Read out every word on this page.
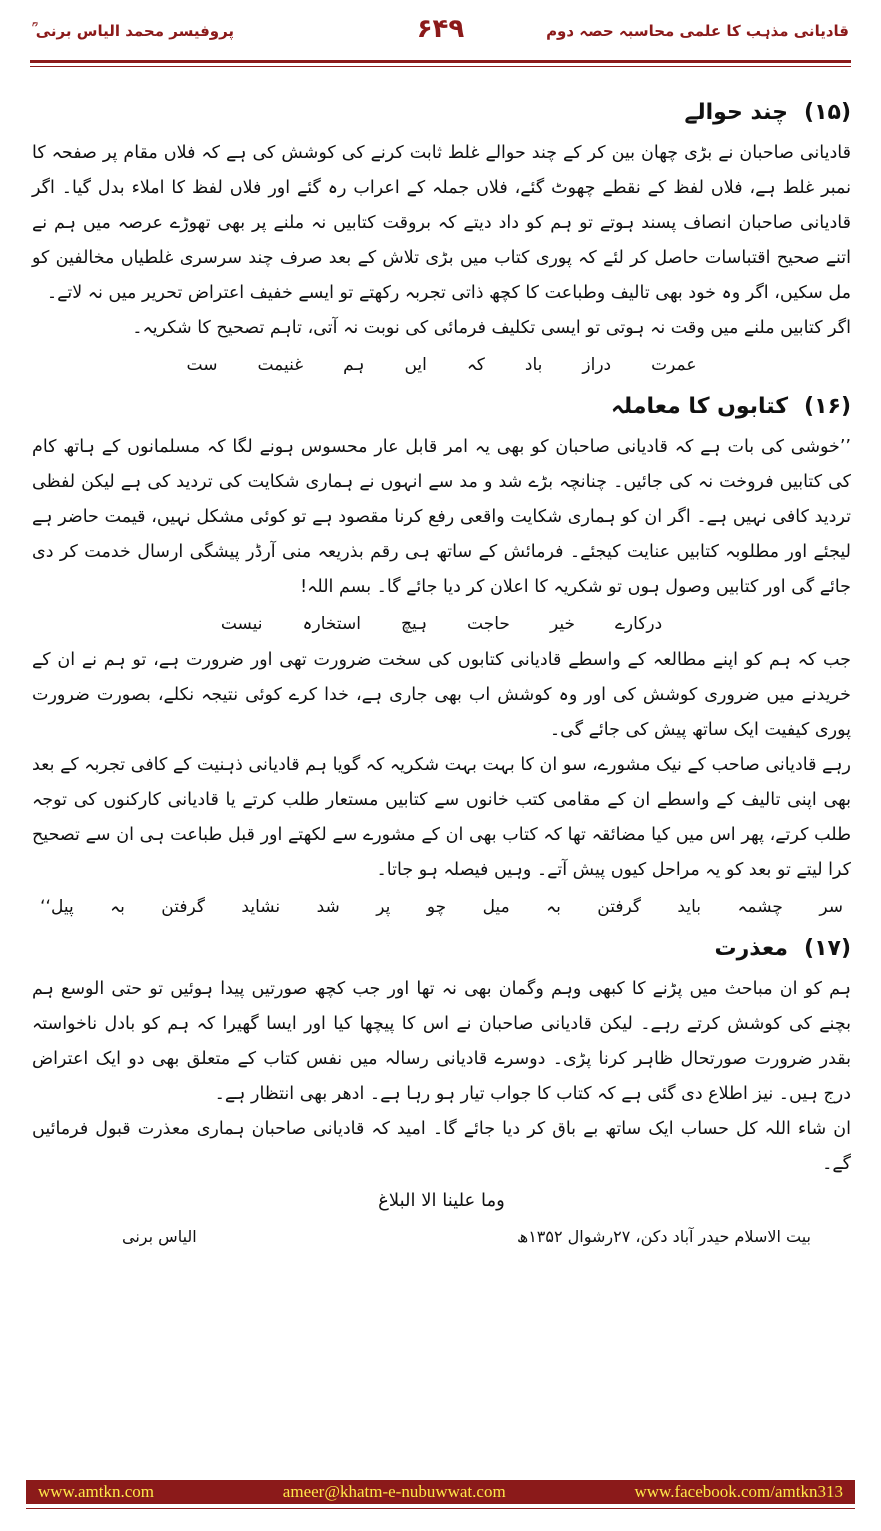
قادیانی مذہب کا علمی محاسبہ حصہ دوم
۶۴۹
پروفیسر محمد الیاس برنی ؒ
(۱۵)چند حوالے

قادیانی صاحبان نے بڑی چھان بین کر کے چند حوالے غلط ثابت کرنے کی کوشش کی ہے کہ فلاں مقام پر صفحہ کا نمبر غلط ہے، فلاں لفظ کے نقطے چھوٹ گئے، فلاں جملہ کے اعراب رہ گئے اور فلاں لفظ کا املاء بدل گیا۔ اگر قادیانی صاحبان انصاف پسند ہوتے تو ہم کو داد دیتے کہ بروقت کتابیں نہ ملنے پر بھی تھوڑے عرصہ میں ہم نے اتنے صحیح اقتباسات حاصل کر لئے کہ پوری کتاب میں بڑی تلاش کے بعد صرف چند سرسری غلطیاں مخالفین کو مل سکیں، اگر وہ خود بھی تالیف وطباعت کا کچھ ذاتی تجربہ رکھتے تو ایسے خفیف اعتراض تحریر میں نہ لاتے۔

اگر کتابیں ملنے میں وقت نہ ہوتی تو ایسی تکلیف فرمائی کی نوبت نہ آتی، تاہم تصحیح کا شکریہ۔

عمرت
دراز
باد
کہ
ایں
ہم
غنیمت
ست
(۱۶)کتابوں کا معاملہ

’’خوشی کی بات ہے کہ قادیانی صاحبان کو بھی یہ امر قابل عار محسوس ہونے لگا کہ مسلمانوں کے ہاتھ کام کی کتابیں فروخت نہ کی جائیں۔ چنانچہ بڑے شد و مد سے انہوں نے ہماری شکایت کی تردید کی ہے لیکن لفظی تردید کافی نہیں ہے۔ اگر ان کو ہماری شکایت واقعی رفع کرنا مقصود ہے تو کوئی مشکل نہیں، قیمت حاضر ہے لیجئے اور مطلوبہ کتابیں عنایت کیجئے۔ فرمائش کے ساتھ ہی رقم بذریعہ منی آرڈر پیشگی ارسال خدمت کر دی جائے گی اور کتابیں وصول ہوں تو شکریہ کا اعلان کر دیا جائے گا۔ بسم اللہ!

درکارے
خیر
حاجت
ہیچ
استخارہ
نیست

جب کہ ہم کو اپنے مطالعہ کے واسطے قادیانی کتابوں کی سخت ضرورت تھی اور ضرورت ہے، تو ہم نے ان کے خریدنے میں ضروری کوشش کی اور وہ کوشش اب بھی جاری ہے، خدا کرے کوئی نتیجہ نکلے، بصورت ضرورت پوری کیفیت ایک ساتھ پیش کی جائے گی۔

رہے قادیانی صاحب کے نیک مشورے، سو ان کا بہت بہت شکریہ کہ گویا ہم قادیانی ذہنیت کے کافی تجربہ کے بعد بھی اپنی تالیف کے واسطے ان کے مقامی کتب خانوں سے کتابیں مستعار طلب کرتے یا قادیانی کارکنوں کی توجہ طلب کرتے، پھر اس میں کیا مضائقہ تھا کہ کتاب بھی ان کے مشورے سے لکھتے اور قبل طباعت ہی ان سے تصحیح کرا لیتے تو بعد کو یہ مراحل کیوں پیش آتے۔ وہیں فیصلہ ہو جاتا۔

سر
چشمہ
باید
گرفتن
بہ
میل
چو
پر
شد
نشاید
گرفتن
بہ
پیل‘‘
(۱۷)معذرت

ہم کو ان مباحث میں پڑنے کا کبھی وہم وگمان بھی نہ تھا اور جب کچھ صورتیں پیدا ہوئیں تو حتی الوسع ہم بچنے کی کوشش کرتے رہے۔ لیکن قادیانی صاحبان نے اس کا پیچھا کیا اور ایسا گھیرا کہ ہم کو بادل ناخواستہ بقدر ضرورت صورتحال ظاہر کرنا پڑی۔ دوسرے قادیانی رسالہ میں نفس کتاب کے متعلق بھی دو ایک اعتراض درج ہیں۔ نیز اطلاع دی گئی ہے کہ کتاب کا جواب تیار ہو رہا ہے۔ ادھر بھی انتظار ہے۔

ان شاء اللہ کل حساب ایک ساتھ بے باق کر دیا جائے گا۔ امید کہ قادیانی صاحبان ہماری معذرت قبول فرمائیں گے۔

وما علینا الا البلاغ

بیت الاسلام حیدر آباد دکن، ۲۷رشوال ۱۳۵۲ھ
الیاس برنی
www.amtkn.com	ameer@khatm-e-nubuwwat.com	www.facebook.com/amtkn313
